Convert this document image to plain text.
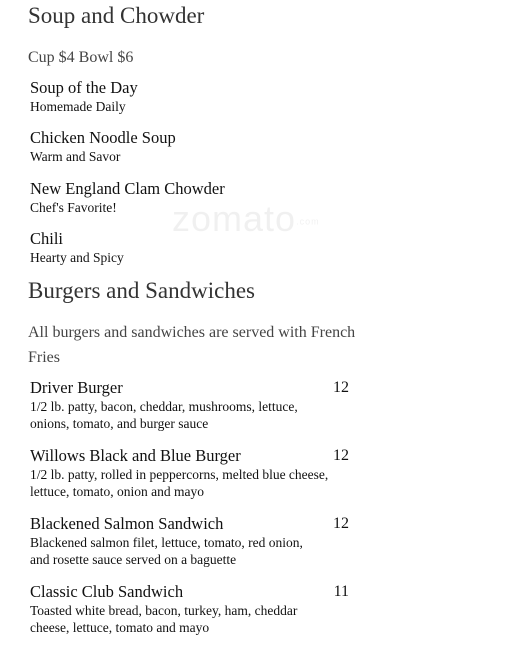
zomato.com
Soup and Chowder

Cup $4 Bowl $6

Soup of the Day
Homemade Daily
Chicken Noodle Soup
Warm and Savor
New England Clam Chowder
Chef's Favorite!
Chili
Hearty and Spicy
Burgers and Sandwiches

All burgers and sandwiches are served with French Fries

Driver Burger	12
1/2 lb. patty, bacon, cheddar, mushrooms, lettuce, onions, tomato, and burger sauce
Willows Black and Blue Burger	12
1/2 lb. patty, rolled in peppercorns, melted blue cheese, lettuce, tomato, onion and mayo
Blackened Salmon Sandwich	12
Blackened salmon filet, lettuce, tomato, red onion, and rosette sauce served on a baguette
Classic Club Sandwich	11
Toasted white bread, bacon, turkey, ham, cheddar cheese, lettuce, tomato and mayo
